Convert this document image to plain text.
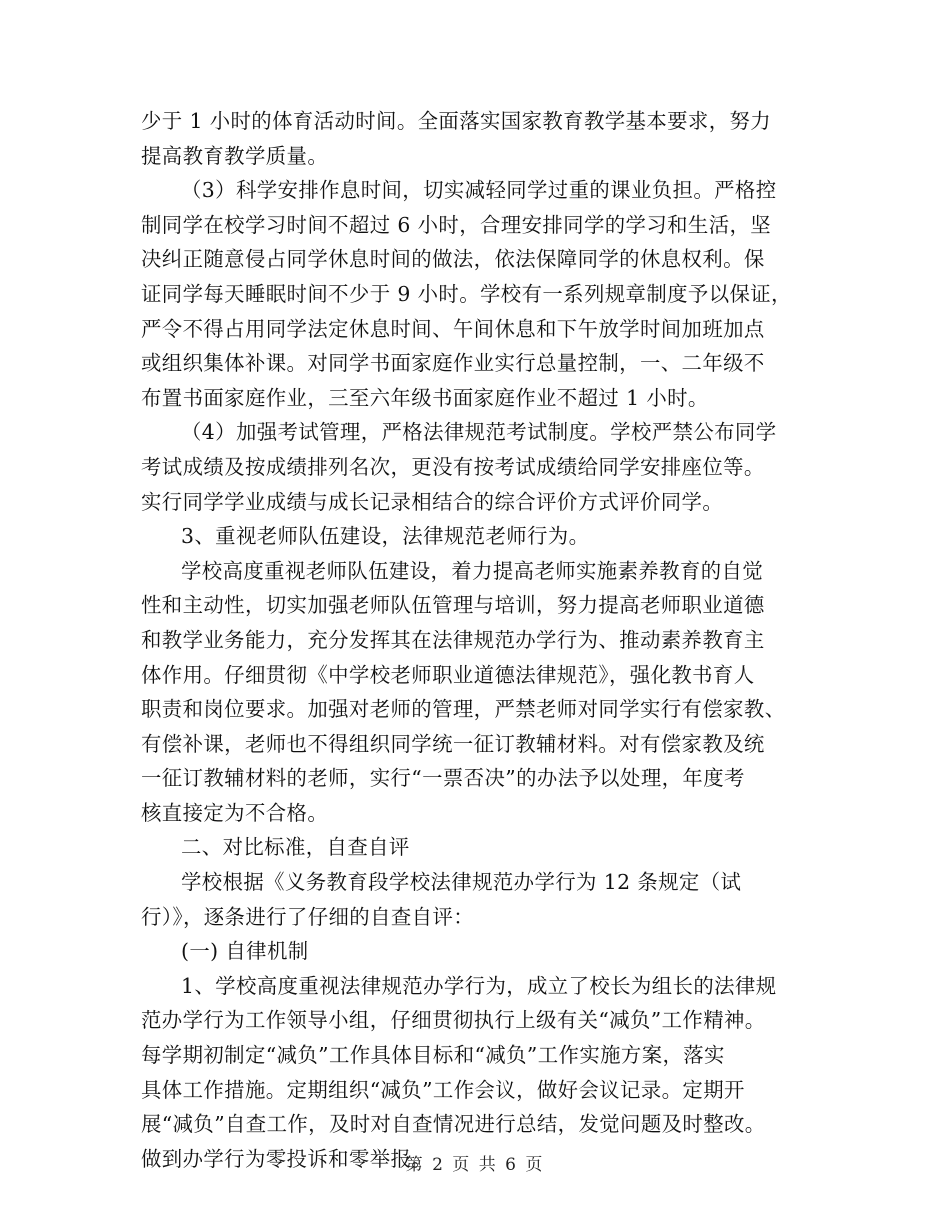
少于 1 小时的体育活动时间。全面落实国家教育教学基本要求，努力
提高教育教学质量。
（3）科学安排作息时间，切实减轻同学过重的课业负担。严格控
制同学在校学习时间不超过 6 小时，合理安排同学的学习和生活，坚
决纠正随意侵占同学休息时间的做法，依法保障同学的休息权利。保
证同学每天睡眠时间不少于 9 小时。学校有一系列规章制度予以保证，
严令不得占用同学法定休息时间、午间休息和下午放学时间加班加点
或组织集体补课。对同学书面家庭作业实行总量控制，一、二年级不
布置书面家庭作业，三至六年级书面家庭作业不超过 1 小时。
（4）加强考试管理，严格法律规范考试制度。学校严禁公布同学
考试成绩及按成绩排列名次，更没有按考试成绩给同学安排座位等。
实行同学学业成绩与成长记录相结合的综合评价方式评价同学。
3、重视老师队伍建设，法律规范老师行为。
学校高度重视老师队伍建设，着力提高老师实施素养教育的自觉
性和主动性，切实加强老师队伍管理与培训，努力提高老师职业道德
和教学业务能力，充分发挥其在法律规范办学行为、推动素养教育主
体作用。仔细贯彻《中学校老师职业道德法律规范》，强化教书育人
职责和岗位要求。加强对老师的管理，严禁老师对同学实行有偿家教、
有偿补课，老师也不得组织同学统一征订教辅材料。对有偿家教及统
一征订教辅材料的老师，实行“一票否决”的办法予以处理，年度考
核直接定为不合格。
二、对比标准，自查自评
学校根据《义务教育段学校法律规范办学行为 12 条规定（试
行）》，逐条进行了仔细的自查自评：
(一) 自律机制
1、学校高度重视法律规范办学行为，成立了校长为组长的法律规
范办学行为工作领导小组，仔细贯彻执行上级有关“减负”工作精神。
每学期初制定“减负”工作具体目标和“减负”工作实施方案，落实
具体工作措施。定期组织“减负”工作会议，做好会议记录。定期开
展“减负”自查工作，及时对自查情况进行总结，发觉问题及时整改。
做到办学行为零投诉和零举报。
第 2 页 共 6 页
